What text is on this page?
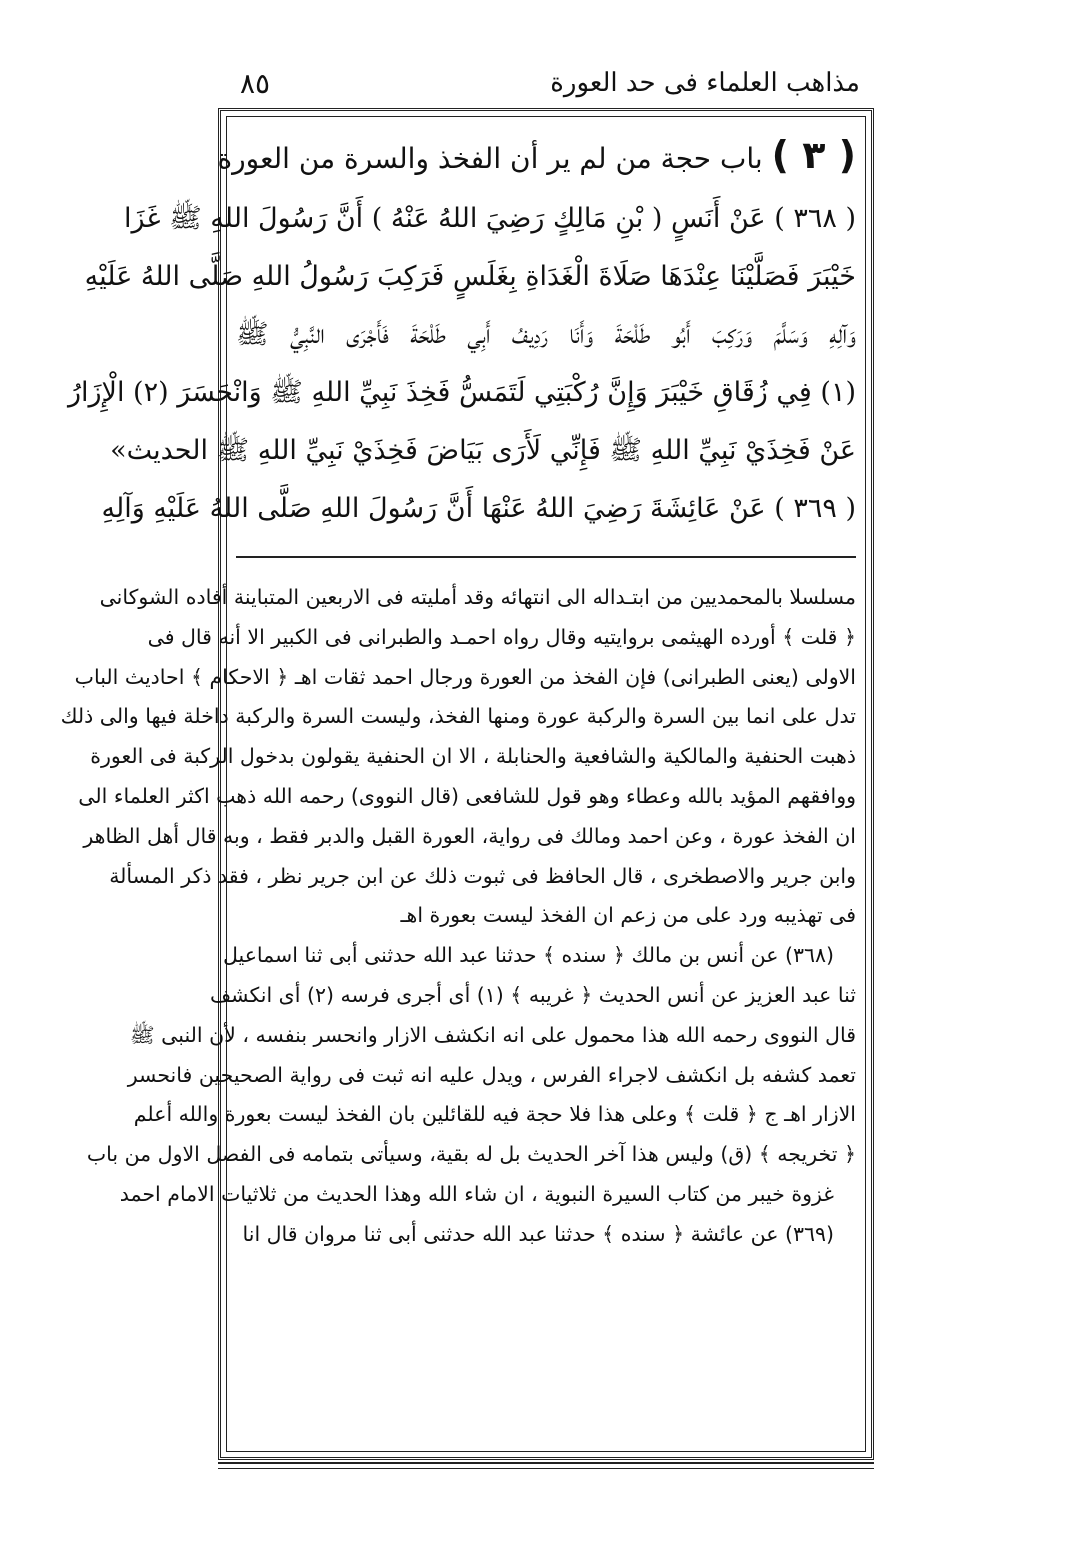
مذاهب العلماء فى حد العورة
٨٥
( ٣ ) باب حجة من لم ير أن الفخذ والسرة من العورة

( ٣٦٨ ) عَنْ أَنَسٍ ( بْنِ مَالِكٍ رَضِيَ اللهُ عَنْهُ ) أَنَّ رَسُولَ اللهِ ﷺ غَزَا

خَيْبَرَ فَصَلَّيْنَا عِنْدَهَا صَلَاةَ الْغَدَاةِ بِغَلَسٍ فَرَكِبَ رَسُولُ اللهِ صَلَّى اللهُ عَلَيْهِ

وَآلِهِ وَسَلَّمَ وَرَكِبَ أَبُو طَلْحَةَ وَأَنَا رَدِيفُ أَبِي طَلْحَةَ فَأَجْرَى النَّبِيُّ ﷺ

(١) فِي زُقَاقِ خَيْبَرَ وَإِنَّ رُكْبَتِي لَتَمَسُّ فَخِذَ نَبِيِّ اللهِ ﷺ وَانْحَسَرَ (٢) الْإِزَارُ

عَنْ فَخِذَيْ نَبِيِّ اللهِ ﷺ فَإِنِّي لَأَرَى بَيَاضَ فَخِذَيْ نَبِيِّ اللهِ ﷺ الحديث»

( ٣٦٩ ) عَنْ عَائِشَةَ رَضِيَ اللهُ عَنْهَا أَنَّ رَسُولَ اللهِ صَلَّى اللهُ عَلَيْهِ وَآلِهِ

مسلسلا بالمحمديين من ابتـداله الى انتهائه وقد أمليته فى الاربعين المتباينة أفاده الشوكانى

﴿ قلت ﴾ أورده الهيثمى بروايتيه وقال رواه احمـد والطبرانى فى الكبير الا أنه قال فى

الاولى (يعنى الطبرانى) فإن الفخذ من العورة ورجال احمد ثقات اهـ ﴿ الاحكام ﴾ احاديث الباب

تدل على انما بين السرة والركبة عورة ومنها الفخذ، وليست السرة والركبة داخلة فيها والى ذلك

ذهبت الحنفية والمالكية والشافعية والحنابلة ، الا ان الحنفية يقولون بدخول الركبة فى العورة

ووافقهم المؤيد بالله وعطاء وهو قول للشافعى (قال النووى) رحمه الله ذهب اكثر العلماء الى

ان الفخذ عورة ، وعن احمد ومالك فى رواية، العورة القبل والدبر فقط ، وبه قال أهل الظاهر

وابن جرير والاصطخرى ، قال الحافظ فى ثبوت ذلك عن ابن جرير نظر ، فقد ذكر المسألة

فى تهذيبه ورد على من زعم ان الفخذ ليست بعورة اهـ

(٣٦٨) عن أنس بن مالك ﴿ سنده ﴾ حدثنا عبد الله حدثنى أبى ثنا اسماعيل

ثنا عبد العزيز عن أنس الحديث ﴿ غريبه ﴾ (١) أى أجرى فرسه (٢) أى انكشف

قال النووى رحمه الله هذا محمول على انه انكشف الازار وانحسر بنفسه ، لأن النبى ﷺ

تعمد كشفه بل انكشف لاجراء الفرس ، ويدل عليه انه ثبت فى رواية الصحيحين فانحسر

الازار اهـ ج ﴿ قلت ﴾ وعلى هذا فلا حجة فيه للقائلين بان الفخذ ليست بعورة والله أعلم

﴿ تخريجه ﴾ (ق) وليس هذا آخر الحديث بل له بقية، وسيأتى بتمامه فى الفصل الاول من باب

غزوة خيبر من كتاب السيرة النبوية ، ان شاء الله وهذا الحديث من ثلاثيات الامام احمد

(٣٦٩) عن عائشة ﴿ سنده ﴾ حدثنا عبد الله حدثنى أبى ثنا مروان قال انا
